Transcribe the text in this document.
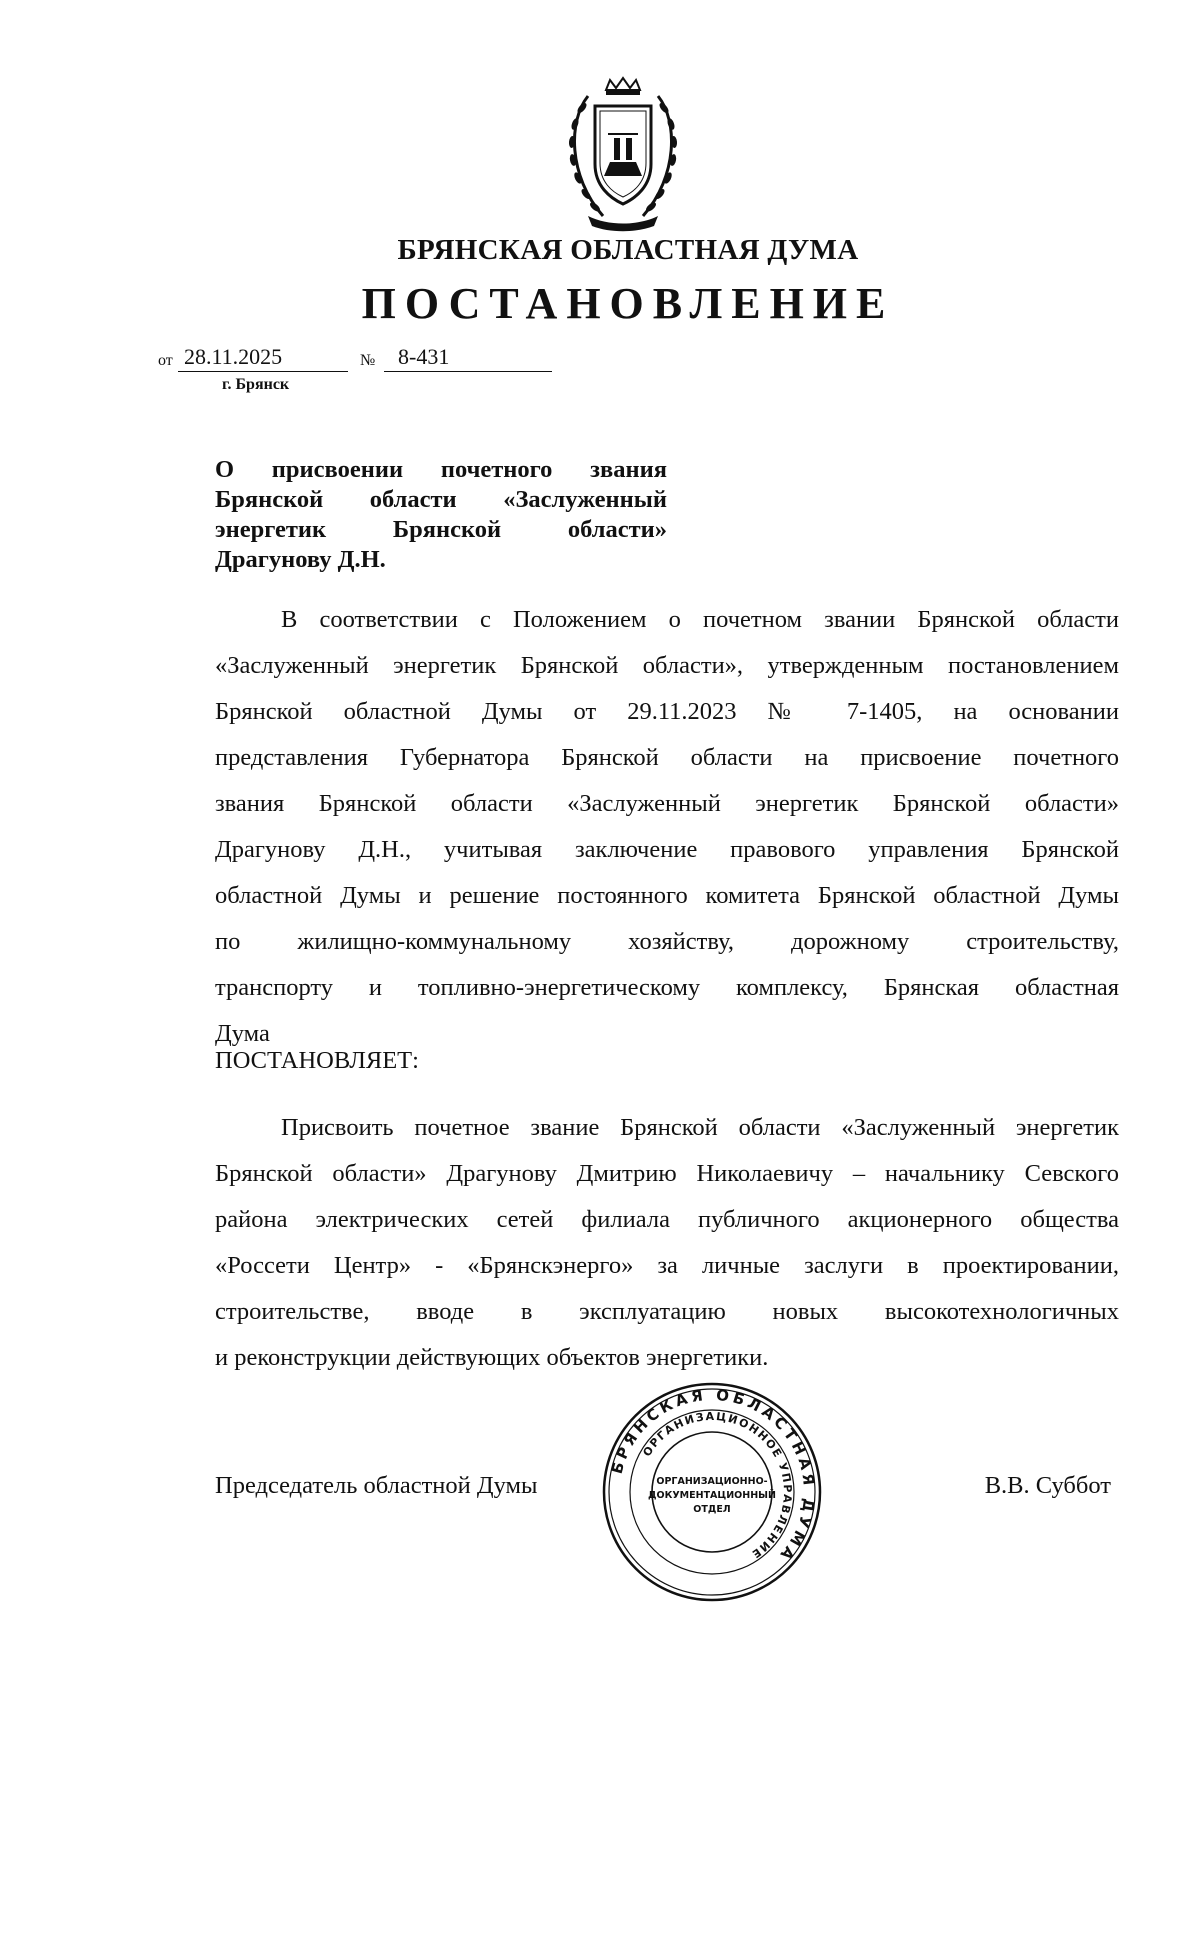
БРЯНСКАЯ ОБЛАСТНАЯ ДУМА
ПОСТАНОВЛЕНИЕ
от 28.11.2025	№	8-431
г. Брянск
О присвоении почетного звания
Брянской области «Заслуженный
энергетик Брянской области»
Драгунову Д.Н.
В соответствии с Положением о почетном звании Брянской области
«Заслуженный энергетик Брянской области», утвержденным постановлением
Брянской областной Думы от 29.11.2023 № 7-1405, на основании
представления Губернатора Брянской области на присвоение почетного
звания Брянской области «Заслуженный энергетик Брянской области»
Драгунову Д.Н., учитывая заключение правового управления Брянской
областной Думы и решение постоянного комитета Брянской областной Думы
по жилищно-коммунальному хозяйству, дорожному строительству,
транспорту и топливно-энергетическому комплексу, Брянская областная
Дума
ПОСТАНОВЛЯЕТ:
Присвоить почетное звание Брянской области «Заслуженный энергетик
Брянской области» Драгунову Дмитрию Николаевичу – начальнику Севского
района электрических сетей филиала публичного акционерного общества
«Россети Центр» - «Брянскэнерго» за личные заслуги в проектировании,
строительстве, вводе в эксплуатацию новых высокотехнологичных
и реконструкции действующих объектов энергетики.
Председатель областной Думы	В.В. Суббот
БРЯНСКАЯ ОБЛАСТНАЯ ДУМА
ОРГАНИЗАЦИОННОЕ УПРАВЛЕНИЕ
ОРГАНИЗАЦИОННО-
ДОКУМЕНТАЦИОННЫЙ
ОТДЕЛ
